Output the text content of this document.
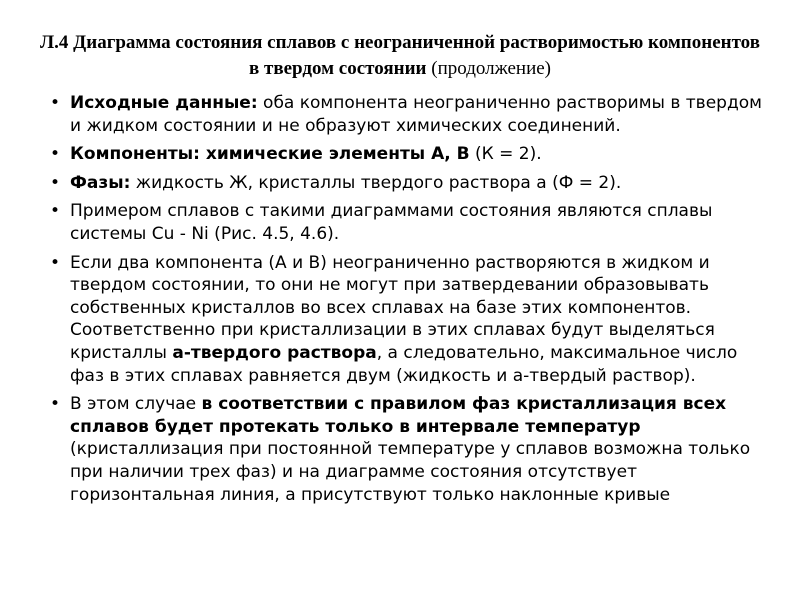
Л.4 Диаграмма состояния сплавов с неограниченной растворимостью компонентов в твердом состоянии (продолжение)
• Исходные данные: оба компонента неограниченно растворимы в твердом и жидком состоянии и не образуют химических соединений.
• Компоненты: химические элементы А, В (К = 2).
• Фазы: жидкость Ж, кристаллы твердого раствора a (Ф = 2).
• Примером сплавов с такими диаграммами состояния являются сплавы системы Cu - Ni (Рис. 4.5, 4.6).
• Если два компонента (А и В) неограниченно растворяются в жидком и твердом состоянии, то они не могут при затвердевании образовывать собственных кристаллов во всех сплавах на базе этих компонентов. Соответственно при кристаллизации в этих сплавах будут выделяться кристаллы a-твердого раствора, а следовательно, максимальное число фаз в этих сплавах равняется двум (жидкость и a-твердый раствор).
• В этом случае в соответствии с правилом фаз кристаллизация всех сплавов будет протекать только в интервале температур (кристаллизация при постоянной температуре у сплавов возможна только при наличии трех фаз) и на диаграмме состояния отсутствует горизонтальная линия, а присутствуют только наклонные кривые
